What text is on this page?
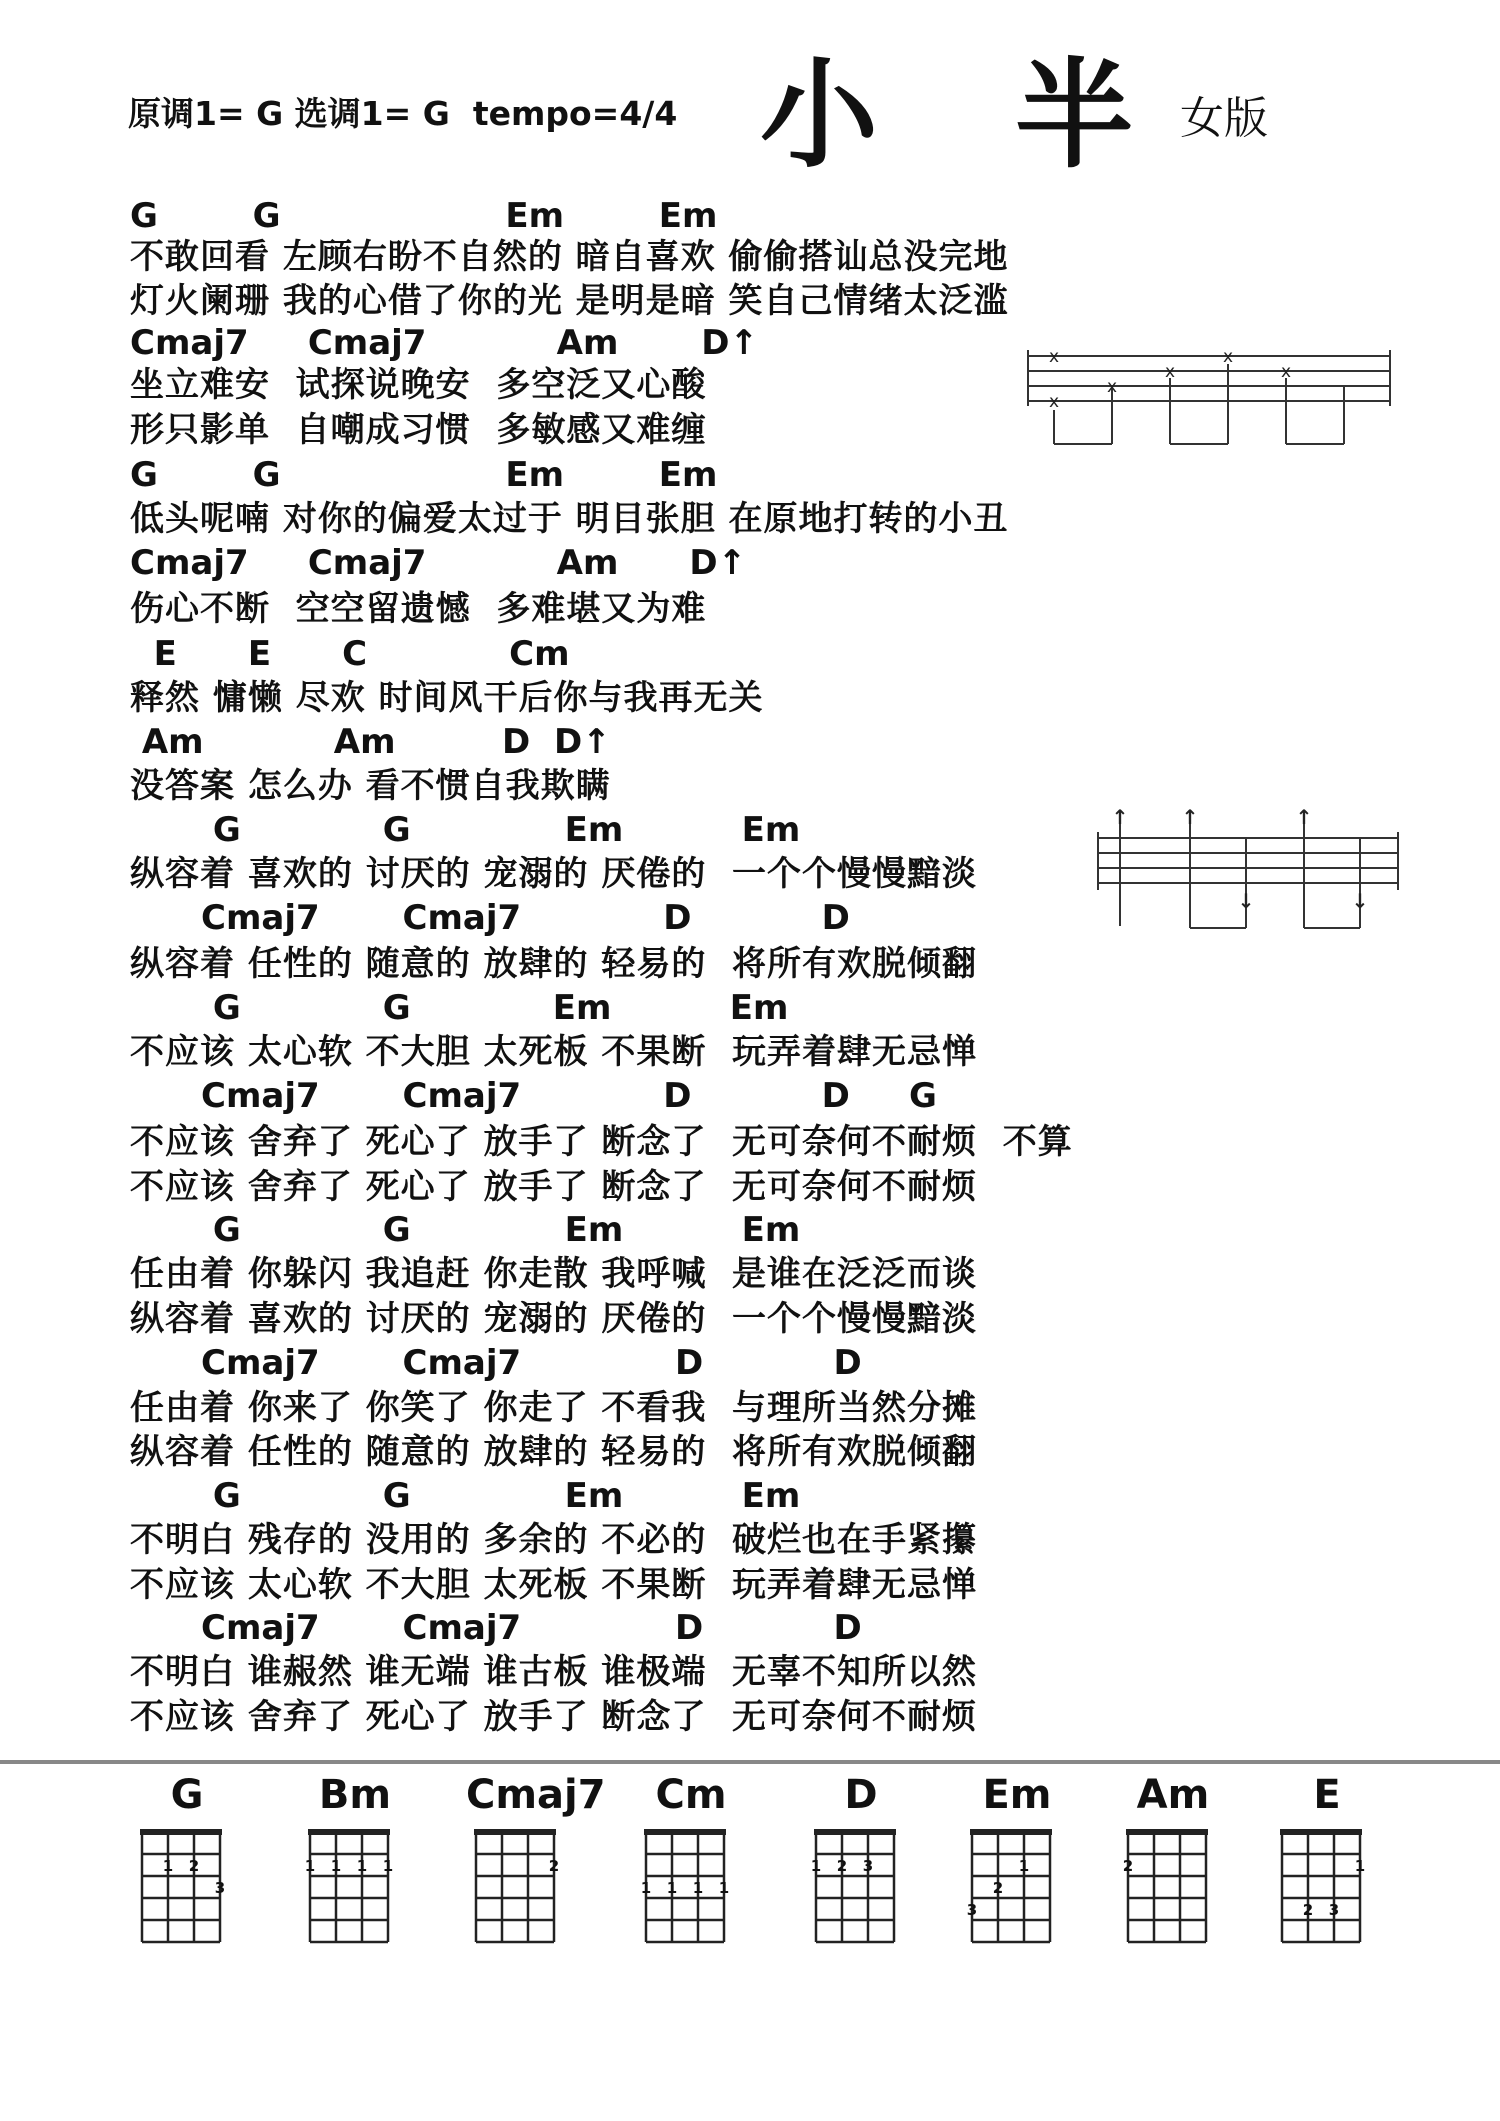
原调1= G 选调1= G  tempo=4/4 小 半
女版
G        G                   Em        Em
不敢回看 左顾右盼不自然的 暗自喜欢 偷偷搭讪总没完地
灯火阑珊 我的心借了你的光 是明是暗 笑自己情绪太泛滥
Cmaj7     Cmaj7           Am       D↑
坐立难安  试探说晚安  多空泛又心酸
形只影单  自嘲成习惯  多敏感又难缠
G        G                   Em        Em
低头呢喃 对你的偏爱太过于 明目张胆 在原地打转的小丑
Cmaj7     Cmaj7           Am      D↑
伤心不断  空空留遗憾  多难堪又为难
E      E      C            Cm
释然 慵懒 尽欢 时间风干后你与我再无关
Am           Am         D  D↑
没答案 怎么办 看不惯自我欺瞒
G            G             Em          Em
纵容着 喜欢的 讨厌的 宠溺的 厌倦的  一个个慢慢黯淡
Cmaj7       Cmaj7            D           D
纵容着 任性的 随意的 放肆的 轻易的  将所有欢脱倾翻
G            G            Em          Em
不应该 太心软 不大胆 太死板 不果断  玩弄着肆无忌惮
Cmaj7       Cmaj7            D           D     G
不应该 舍弃了 死心了 放手了 断念了  无可奈何不耐烦  不算
不应该 舍弃了 死心了 放手了 断念了  无可奈何不耐烦
G            G             Em          Em
任由着 你躲闪 我追赶 你走散 我呼喊  是谁在泛泛而谈
纵容着 喜欢的 讨厌的 宠溺的 厌倦的  一个个慢慢黯淡
Cmaj7       Cmaj7             D           D
任由着 你来了 你笑了 你走了 不看我  与理所当然分摊
纵容着 任性的 随意的 放肆的 轻易的  将所有欢脱倾翻
G            G             Em          Em
不明白 残存的 没用的 多余的 不必的  破烂也在手紧攥
不应该 太心软 不大胆 太死板 不果断  玩弄着肆无忌惮
Cmaj7       Cmaj7             D           D
不明白 谁赧然 谁无端 谁古板 谁极端  无辜不知所以然
不应该 舍弃了 死心了 放手了 断念了  无可奈何不耐烦
x
x
x
x
x
x
↑	↑
↓
↑
↓
G
2
3
1
Bm
1 1 1 1
Cmaj7
2
Cm
1 1 1 1
D
1 2 3
Em
3
2
1
Am
2
E
2 3
1
